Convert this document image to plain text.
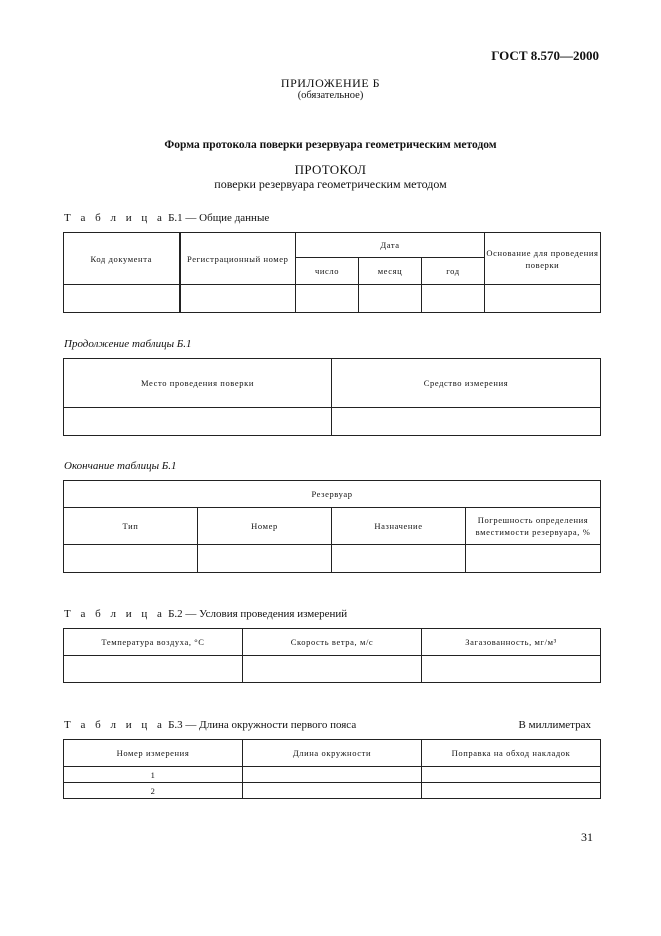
ГОСТ 8.570—2000
ПРИЛОЖЕНИЕ Б
(обязательное)
Форма протокола поверки резервуара геометрическим методом
ПРОТОКОЛ
поверки резервуара геометрическим методом
Т а б л и ц а Б.1 — Общие данные
Код документа	Регистрационный номер	Дата			Основание для проведения поверки
		число	месяц	год	

Продолжение таблицы Б.1
Место проведения поверки	Средство измерения

Окончание таблицы Б.1
Резервуар			
Тип	Номер	Назначение	Погрешность определения вместимости резервуара, %

Т а б л и ц а Б.2 — Условия проведения измерений
Температура воздуха, °С	Скорость ветра, м/с	Загазованность, мг/м³

Т а б л и ц а Б.3 — Длина окружности первого пояса	В миллиметрах
Номер измерения	Длина окружности	Поправка на обход накладок
1		
2		
31
